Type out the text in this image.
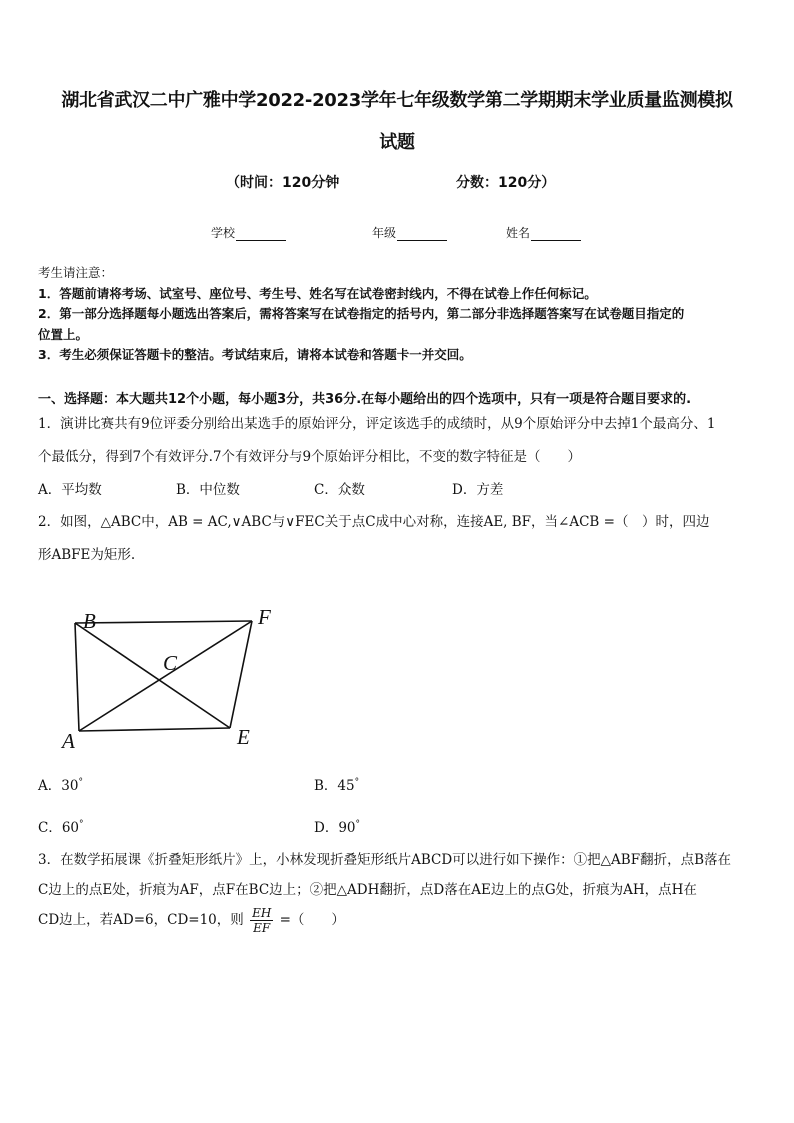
湖北省武汉二中广雅中学2022-2023学年七年级数学第二学期期末学业质量监测模拟
试题
（时间：120分钟	分数：120分）
学校	年级	姓名
考生请注意：
1．答题前请将考场、试室号、座位号、考生号、姓名写在试卷密封线内，不得在试卷上作任何标记。
2．第一部分选择题每小题选出答案后，需将答案写在试卷指定的括号内，第二部分非选择题答案写在试卷题目指定的
位置上。
3．考生必须保证答题卡的整洁。考试结束后，请将本试卷和答题卡一并交回。
一、选择题：本大题共12个小题，每小题3分，共36分.在每小题给出的四个选项中，只有一项是符合题目要求的.
1．演讲比赛共有9位评委分别给出某选手的原始评分，评定该选手的成绩时，从9个原始评分中去掉1个最高分、1
个最低分，得到7个有效评分.7个有效评分与9个原始评分相比，不变的数字特征是（　　）
A．平均数	B．中位数	C．众数	D．方差
2．如图，△ABC中，AB = AC,∨ABC与∨FEC关于点C成中心对称，连接AE, BF，当∠ACB =（　）时，四边
形ABFE为矩形.
B	F
C
A	E
A．30°	B．45°
C．60°	D．90°
3．在数学拓展课《折叠矩形纸片》上，小林发现折叠矩形纸片ABCD可以进行如下操作：①把△ABF翻折，点B落在
C边上的点E处，折痕为AF，点F在BC边上；②把△ADH翻折，点D落在AE边上的点G处，折痕为AH，点H在
CD边上，若AD=6，CD=10，则 $\frac{EH}{EF}$ =（　　）
